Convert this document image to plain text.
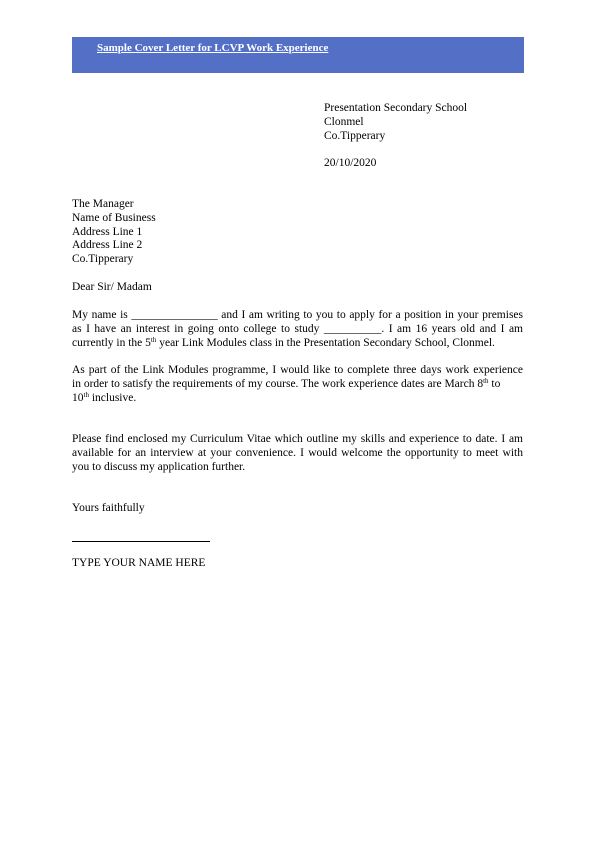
Sample Cover Letter for LCVP Work Experience
Presentation Secondary School
Clonmel
Co.Tipperary
20/10/2020
The Manager
Name of Business
Address Line 1
Address Line 2
Co.Tipperary
Dear Sir/ Madam
My name is _______________ and I am writing to you to apply for a position in your premises
as I have an interest in going onto college to study __________. I am 16 years old and I am
currently in the 5th year Link Modules class in the Presentation Secondary School, Clonmel.
As part of the Link Modules programme, I would like to complete three days work experience
in order to satisfy the requirements of my course. The work experience dates are March 8th to
10th inclusive.
Please find enclosed my Curriculum Vitae which outline my skills and experience to date. I am
available for an interview at your convenience. I would welcome the opportunity to meet with
you to discuss my application further.
Yours faithfully
TYPE YOUR NAME HERE
